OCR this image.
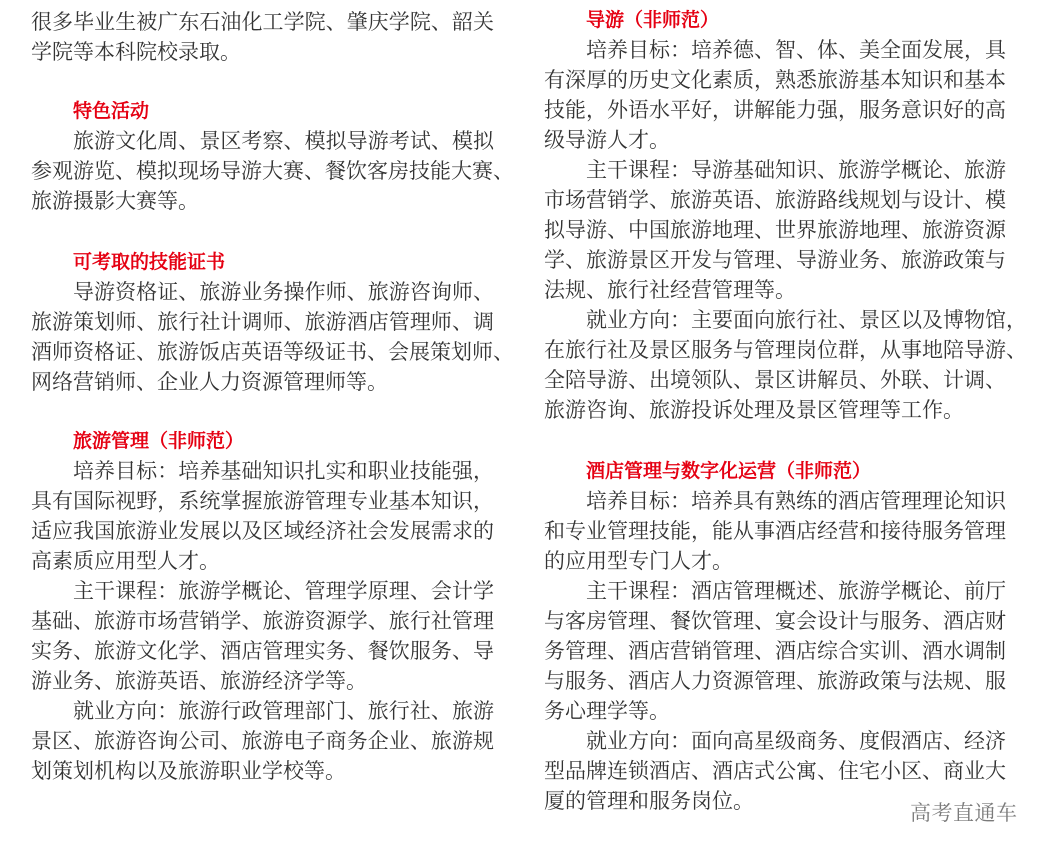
很多毕业生被广东石油化工学院、肇庆学院、韶关
学院等本科院校录取。
特色活动
旅游文化周、景区考察、模拟导游考试、模拟
参观游览、模拟现场导游大赛、餐饮客房技能大赛、
旅游摄影大赛等。
可考取的技能证书
导游资格证、旅游业务操作师、旅游咨询师、
旅游策划师、旅行社计调师、旅游酒店管理师、调
酒师资格证、旅游饭店英语等级证书、会展策划师、
网络营销师、企业人力资源管理师等。
旅游管理（非师范）
培养目标：培养基础知识扎实和职业技能强，
具有国际视野，系统掌握旅游管理专业基本知识，
适应我国旅游业发展以及区域经济社会发展需求的
高素质应用型人才。
主干课程：旅游学概论、管理学原理、会计学
基础、旅游市场营销学、旅游资源学、旅行社管理
实务、旅游文化学、酒店管理实务、餐饮服务、导
游业务、旅游英语、旅游经济学等。
就业方向：旅游行政管理部门、旅行社、旅游
景区、旅游咨询公司、旅游电子商务企业、旅游规
划策划机构以及旅游职业学校等。
导游（非师范）
培养目标：培养德、智、体、美全面发展，具
有深厚的历史文化素质，熟悉旅游基本知识和基本
技能，外语水平好，讲解能力强，服务意识好的高
级导游人才。
主干课程：导游基础知识、旅游学概论、旅游
市场营销学、旅游英语、旅游路线规划与设计、模
拟导游、中国旅游地理、世界旅游地理、旅游资源
学、旅游景区开发与管理、导游业务、旅游政策与
法规、旅行社经营管理等。
就业方向：主要面向旅行社、景区以及博物馆，
在旅行社及景区服务与管理岗位群，从事地陪导游、
全陪导游、出境领队、景区讲解员、外联、计调、
旅游咨询、旅游投诉处理及景区管理等工作。
酒店管理与数字化运营（非师范）
培养目标：培养具有熟练的酒店管理理论知识
和专业管理技能，能从事酒店经营和接待服务管理
的应用型专门人才。
主干课程：酒店管理概述、旅游学概论、前厅
与客房管理、餐饮管理、宴会设计与服务、酒店财
务管理、酒店营销管理、酒店综合实训、酒水调制
与服务、酒店人力资源管理、旅游政策与法规、服
务心理学等。
就业方向：面向高星级商务、度假酒店、经济
型品牌连锁酒店、酒店式公寓、住宅小区、商业大
厦的管理和服务岗位。	高考直通车
